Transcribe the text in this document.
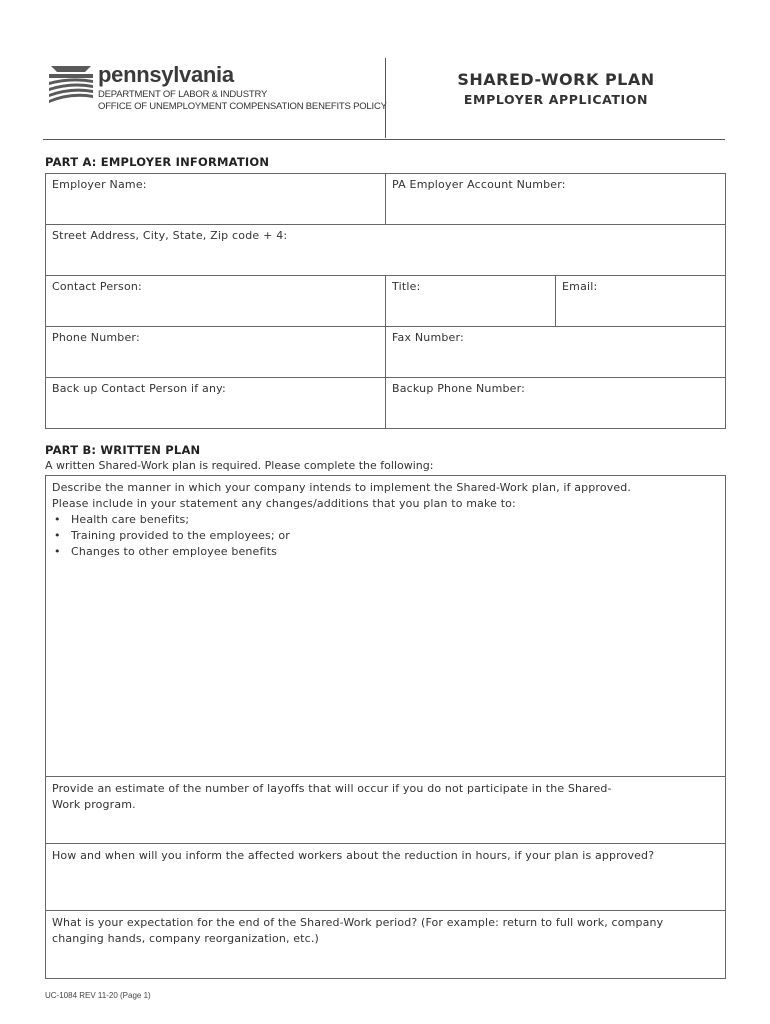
pennsylvania
DEPARTMENT OF LABOR & INDUSTRY
OFFICE OF UNEMPLOYMENT COMPENSATION BENEFITS POLICY
SHARED-WORK PLAN
EMPLOYER APPLICATION
PART A: EMPLOYER INFORMATION
Employer Name:	PA Employer Account Number:
Street Address, City, State, Zip code + 4:
Contact Person:	Title:	Email:
Phone Number:	Fax Number:
Back up Contact Person if any:	Backup Phone Number:
PART B: WRITTEN PLAN
A written Shared-Work plan is required. Please complete the following:
Describe the manner in which your company intends to implement the Shared-Work plan, if approved.
Please include in your statement any changes/additions that you plan to make to:
• Health care benefits;
• Training provided to the employees; or
• Changes to other employee benefits
Provide an estimate of the number of layoffs that will occur if you do not participate in the Shared-Work program.
How and when will you inform the affected workers about the reduction in hours, if your plan is approved?
What is your expectation for the end of the Shared-Work period? (For example: return to full work, company changing hands, company reorganization, etc.)
UC-1084 REV 11-20 (Page 1)
